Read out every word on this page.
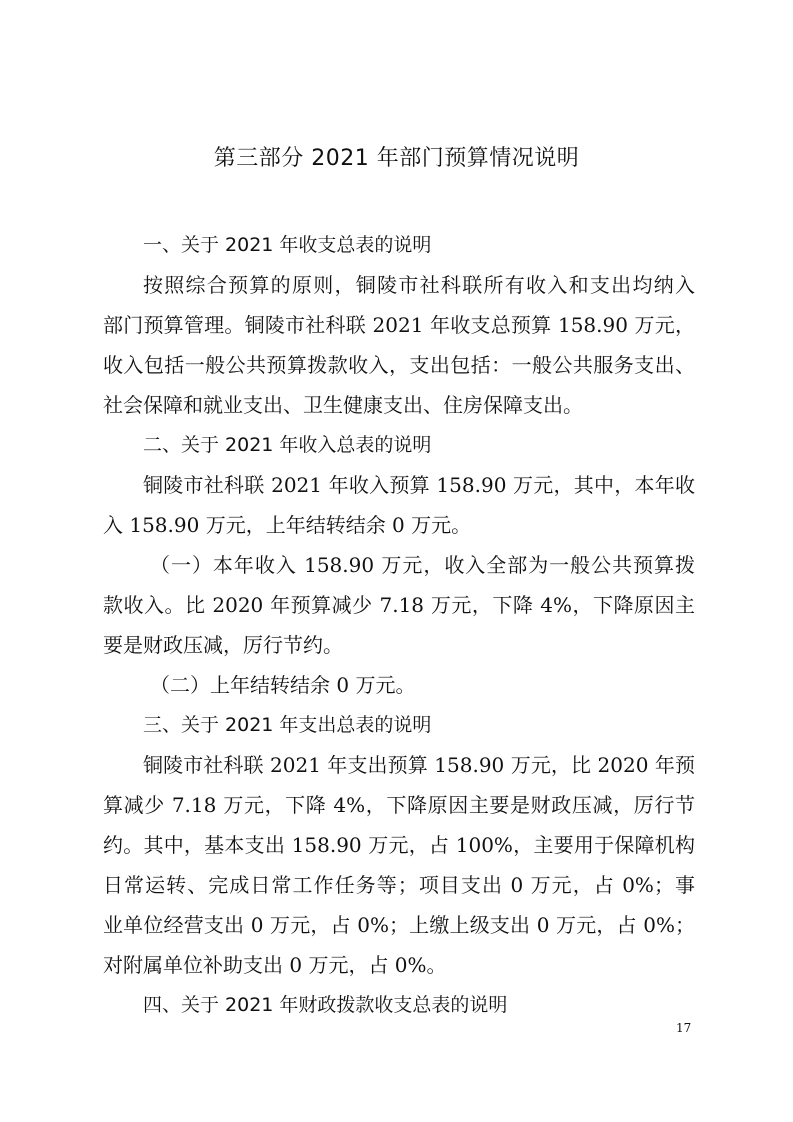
第三部分 2021 年部门预算情况说明
一、关于 2021 年收支总表的说明

按照综合预算的原则，铜陵市社科联所有收入和支出均纳入

部门预算管理。铜陵市社科联 2021 年收支总预算 158.90 万元，

收入包括一般公共预算拨款收入，支出包括：一般公共服务支出、

社会保障和就业支出、卫生健康支出、住房保障支出。

二、关于 2021 年收入总表的说明

铜陵市社科联 2021 年收入预算 158.90 万元，其中，本年收

入 158.90 万元，上年结转结余 0 万元。

（一）本年收入 158.90 万元，收入全部为一般公共预算拨

款收入。比 2020 年预算减少 7.18 万元，下降 4%，下降原因主

要是财政压减，厉行节约。

（二）上年结转结余 0 万元。

三、关于 2021 年支出总表的说明

铜陵市社科联 2021 年支出预算 158.90 万元，比 2020 年预

算减少 7.18 万元，下降 4%，下降原因主要是财政压减，厉行节

约。其中，基本支出 158.90 万元，占 100%，主要用于保障机构

日常运转、完成日常工作任务等；项目支出 0 万元，占 0%；事

业单位经营支出 0 万元，占 0%；上缴上级支出 0 万元，占 0%；

对附属单位补助支出 0 万元，占 0%。

四、关于 2021 年财政拨款收支总表的说明
17
